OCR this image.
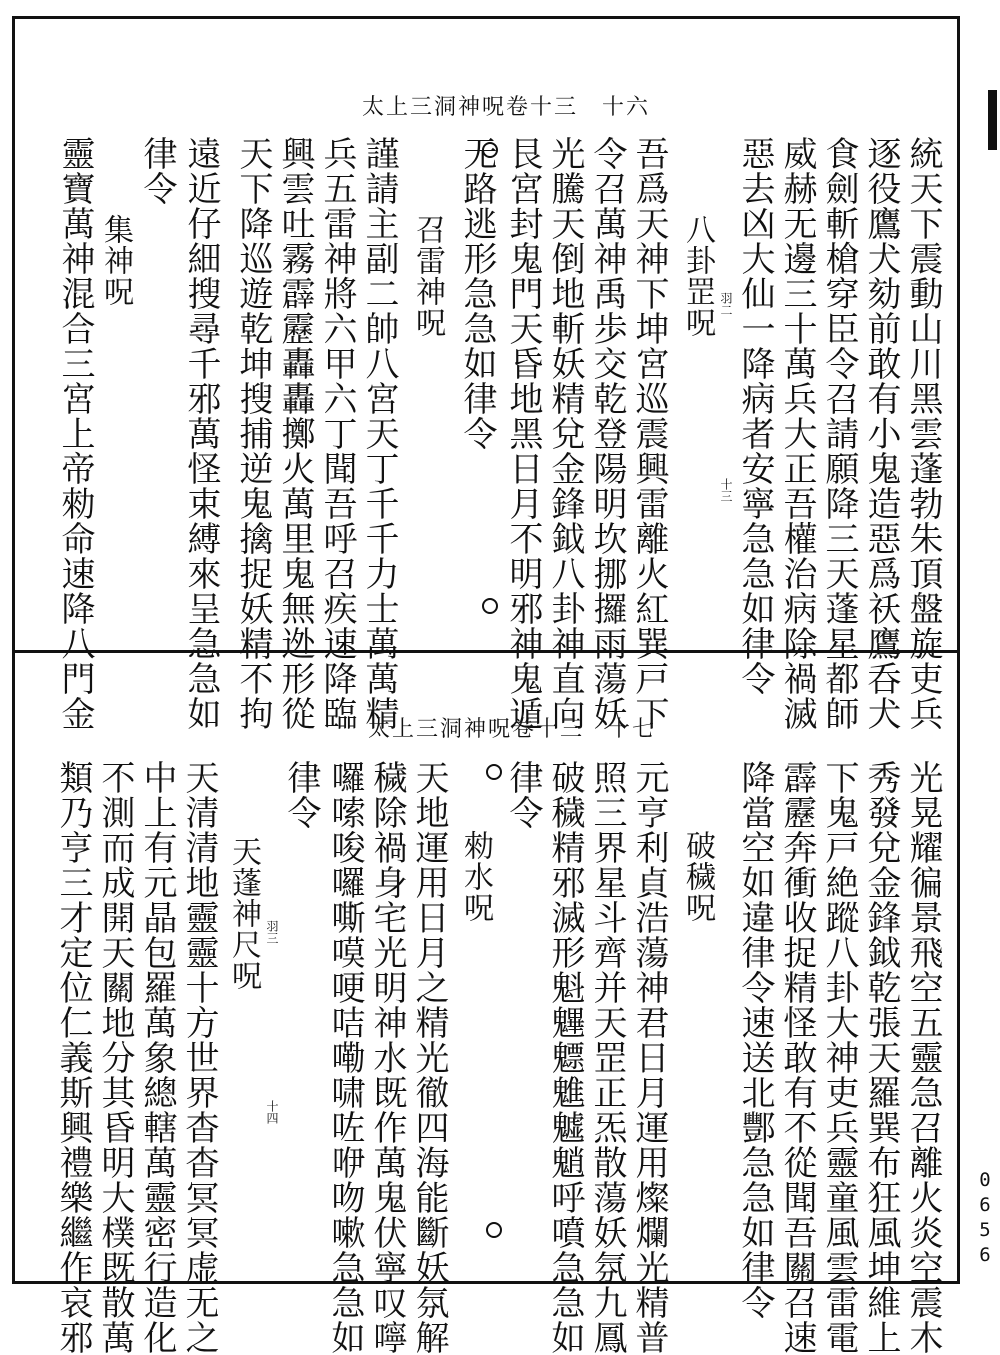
0656
太上三洞神呪卷十三　十六
統天下震動山川黑雲蓬勃朱頂盤旋吏兵
逐役鷹犬劾前敢有小鬼造惡爲祅鷹呑犬
食劍斬槍穿臣令召請願降三天蓬星都師
威赫无邊三十萬兵大正吾權治病除禍滅
惡去凶大仙一降病者安寧急急如律令
八卦罡呪
吾爲天神下坤宮巡震興雷離火紅巽戸下
令召萬神禹歩交乾登陽明坎挪攞雨蕩妖
光騰天倒地斬妖精兌金鋒鉞八卦神直向
艮宮封鬼門天昏地黑日月不明邪神鬼遁
无路逃形急急如律令
召雷神呪
謹請主副二帥八宮天丁千千力士萬萬精
兵五雷神將六甲六丁聞吾呼召疾速降臨
興雲吐霧霹靂轟轟擲火萬里鬼無迯形從
天下降巡遊乾坤搜捕逆鬼擒捉妖精不拘
遠近仔細搜尋千邪萬怪束縛來呈急急如
律令
集神呪
靈寶萬神混合三宮上帝勑命速降八門金	羽二
十三
太上三洞神呪卷十三　十七
光晃耀徧景飛空五靈急召離火炎空震木
秀發兌金鋒鉞乾張天羅巽布狂風坤維上
下鬼戸絶蹤八卦大神吏兵靈童風雲雷電
霹靂奔衝收捉精怪敢有不從聞吾關召速
降當空如違律令速送北酆急急如律令
破穢呪
元亨利貞浩蕩神君日月運用燦爛光精普
照三界星斗齊并天罡正炁散蕩妖氛九鳳
破穢精邪滅形魁魓魒魋魖魈呼噴急急如
律令
勑水呪
天地運用日月之精光徹四海能斷妖氛解
穢除禍身宅光明神水既作萬鬼伏寧叹嚀
囉嗦唆囉嘶嗼哽咭嘞啸咗咿吻嗽急急如
律令
天蓬神尺呪
天清清地靈靈十方世界杳杳冥冥虚无之
中上有元晶包羅萬象總轄萬靈密行造化
不測而成開天關地分其昏明大樸既散萬
類乃亨三才定位仁義斯興禮樂繼作哀邪	羽三
十四
